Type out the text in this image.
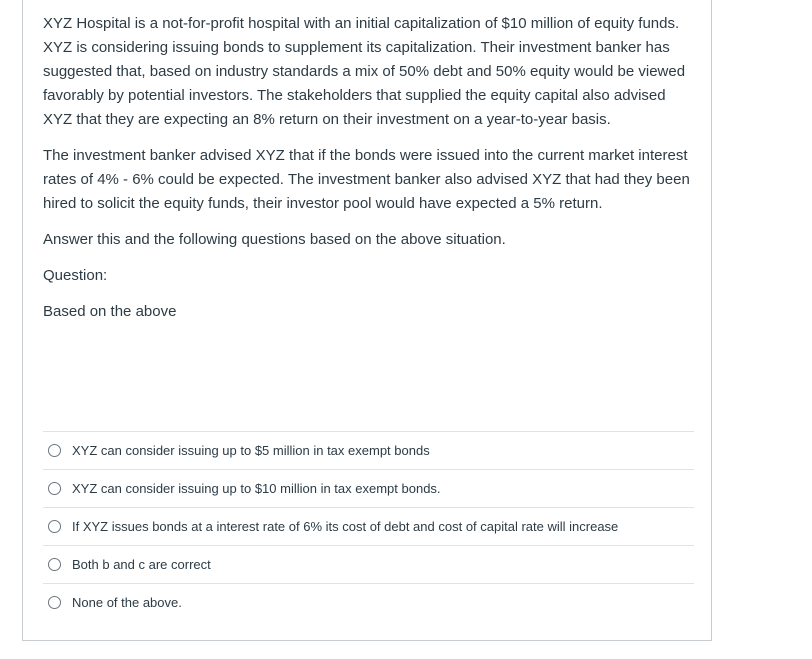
XYZ Hospital is a not-for-profit hospital with an initial capitalization of $10 million of equity funds. XYZ is considering issuing bonds to supplement its capitalization. Their investment banker has suggested that, based on industry standards a mix of 50% debt and 50% equity would be viewed favorably by potential investors. The stakeholders that supplied the equity capital also advised XYZ that they are expecting an 8% return on their investment on a year-to-year basis.

The investment banker advised XYZ that if the bonds were issued into the current market interest rates of 4% - 6% could be expected. The investment banker also advised XYZ that had they been hired to solicit the equity funds, their investor pool would have expected a 5% return.

Answer this and the following questions based on the above situation.

Question:

Based on the above

XYZ can consider issuing up to $5 million in tax exempt bonds
XYZ can consider issuing up to $10 million in tax exempt bonds.
If XYZ issues bonds at a interest rate of 6% its cost of debt and cost of capital rate will increase
Both b and c are correct
None of the above.
